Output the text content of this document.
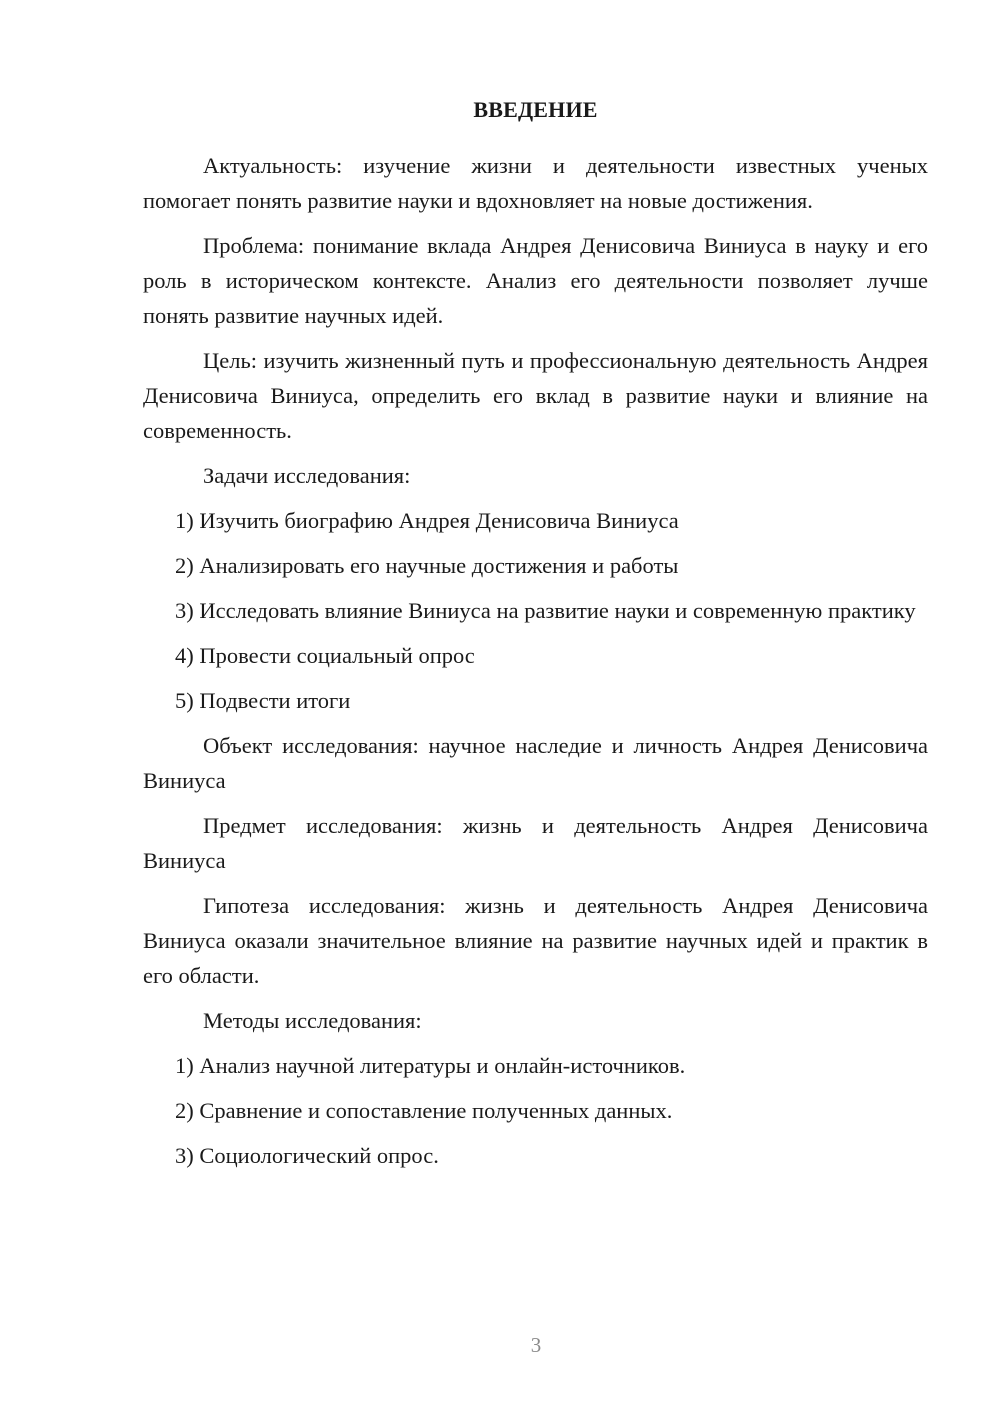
ВВЕДЕНИЕ

Актуальность: изучение жизни и деятельности известных ученых помогает понять развитие науки и вдохновляет на новые достижения.

Проблема: понимание вклада Андрея Денисовича Виниуса в науку и его роль в историческом контексте. Анализ его деятельности позволяет лучше понять развитие научных идей.

Цель: изучить жизненный путь и профессиональную деятельность Андрея Денисовича Виниуса, определить его вклад в развитие науки и влияние на современность.

Задачи исследования:

1) Изучить биографию Андрея Денисовича Виниуса

2) Анализировать его научные достижения и работы

3) Исследовать влияние Виниуса на развитие науки и современную практику

4) Провести социальный опрос

5) Подвести итоги

Объект исследования: научное наследие и личность Андрея Денисовича Виниуса

Предмет исследования: жизнь и деятельность Андрея Денисовича Виниуса

Гипотеза исследования: жизнь и деятельность Андрея Денисовича Виниуса оказали значительное влияние на развитие научных идей и практик в его области.

Методы исследования:

1) Анализ научной литературы и онлайн-источников.

2) Сравнение и сопоставление полученных данных.

3) Социологический опрос.

3
